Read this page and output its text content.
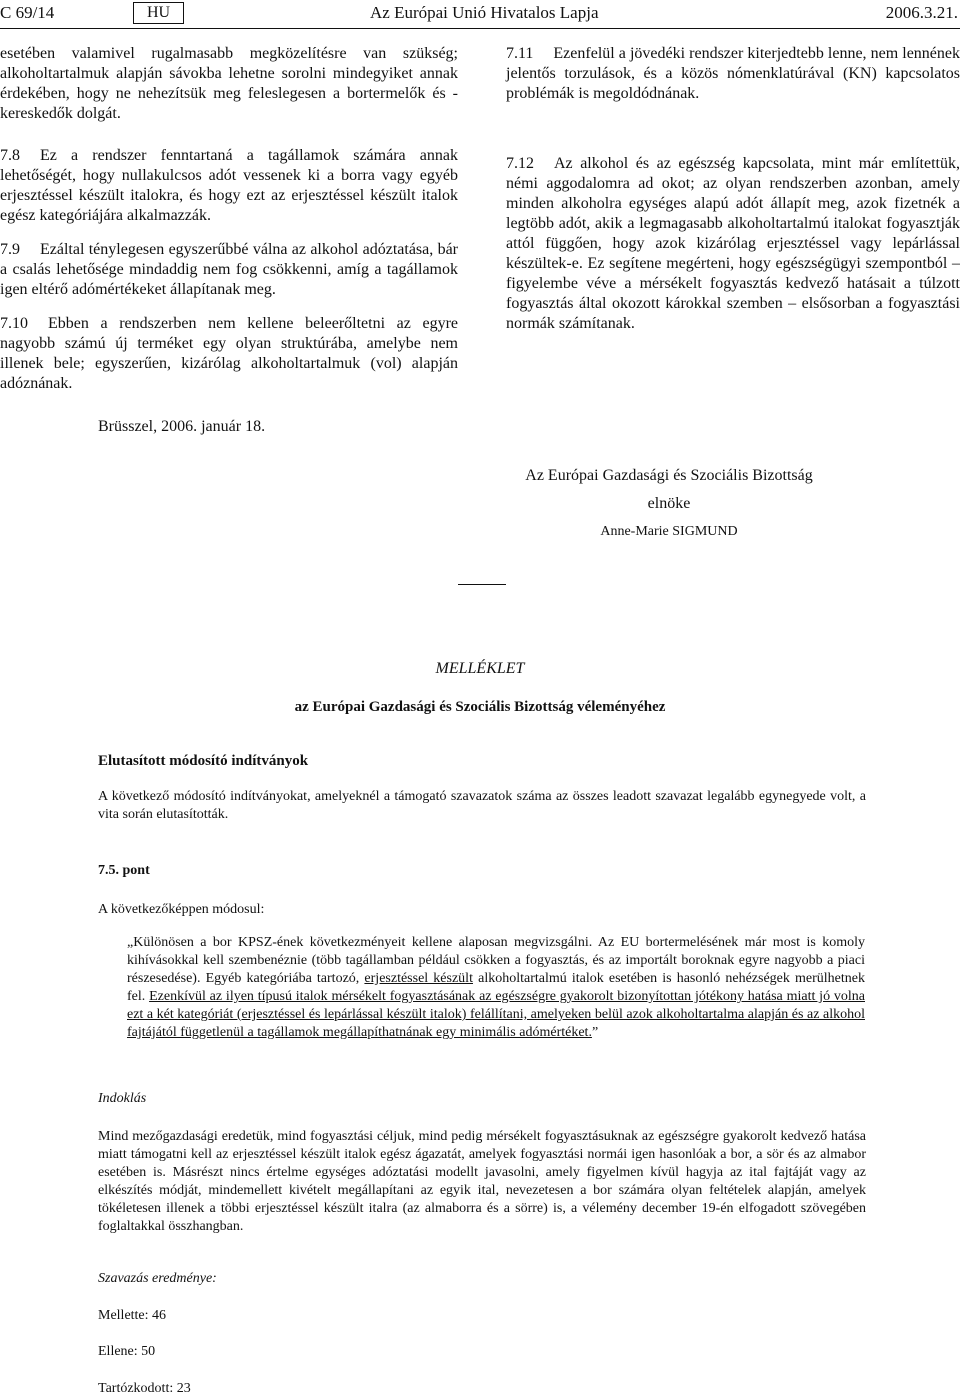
C 69/14	HU	Az Európai Unió Hivatalos Lapja	2006.3.21.

esetében valamivel rugalmasabb megközelítésre van szükség; alkoholtartalmuk alapján sávokba lehetne sorolni mindegyiket annak érdekében, hogy ne nehezítsük meg feleslegesen a bortermelők és -kereskedők dolgát.

7.8 Ez a rendszer fenntartaná a tagállamok számára annak lehetőségét, hogy nullakulcsos adót vessenek ki a borra vagy egyéb erjesztéssel készült italokra, és hogy ezt az erjesztéssel készült italok egész kategóriájára alkalmazzák.

7.9 Ezáltal ténylegesen egyszerűbbé válna az alkohol adóztatása, bár a csalás lehetősége mindaddig nem fog csökkenni, amíg a tagállamok igen eltérő adómértékeket állapítanak meg.

7.10 Ebben a rendszerben nem kellene beleerőltetni az egyre nagyobb számú új terméket egy olyan struktúrába, amelybe nem illenek bele; egyszerűen, kizárólag alkoholtartalmuk (vol) alapján adóznának.

7.11 Ezenfelül a jövedéki rendszer kiterjedtebb lenne, nem lennének jelentős torzulások, és a közös nómenklatúrával (KN) kapcsolatos problémák is megoldódnának.

7.12 Az alkohol és az egészség kapcsolata, mint már említettük, némi aggodalomra ad okot; az olyan rendszerben azonban, amely minden alkoholra egységes alapú adót állapít meg, azok fizetnék a legtöbb adót, akik a legmagasabb alkoholtartalmú italokat fogyasztják attól függően, hogy azok kizárólag erjesztéssel vagy lepárlással készültek-e. Ez segítene megérteni, hogy egészségügyi szempontból – figyelembe véve a mérsékelt fogyasztás kedvező hatásait a túlzott fogyasztás által okozott károkkal szemben – elsősorban a fogyasztási normák számítanak.

Brüsszel, 2006. január 18.
Az Európai Gazdasági és Szociális Bizottság
elnöke
Anne-Marie SIGMUND
MELLÉKLET
az Európai Gazdasági és Szociális Bizottság véleményéhez
Elutasított módosító indítványok
A következő módosító indítványokat, amelyeknél a támogató szavazatok száma az összes leadott szavazat legalább egynegyede volt, a vita során elutasították.
7.5. pont
A következőképpen módosul:
„Különösen a bor KPSZ-ének következményeit kellene alaposan megvizsgálni. Az EU bortermelésének már most is komoly kihívásokkal kell szembenéznie (több tagállamban például csökken a fogyasztás, és az importált boroknak egyre nagyobb a piaci részesedése). Egyéb kategóriába tartozó, erjesztéssel készült alkoholtartalmú italok esetében is hasonló nehézségek merülhetnek fel. Ezenkívül az ilyen típusú italok mérsékelt fogyasztásának az egészségre gyakorolt bizonyítottan jótékony hatása miatt jó volna ezt a két kategóriát (erjesztéssel és lepárlással készült italok) felállítani, amelyeken belül azok alkoholtartalma alapján és az alkohol fajtájától függetlenül a tagállamok megállapíthatnának egy minimális adómértéket.”
Indoklás
Mind mezőgazdasági eredetük, mind fogyasztási céljuk, mind pedig mérsékelt fogyasztásuknak az egészségre gyakorolt kedvező hatása miatt támogatni kell az erjesztéssel készült italok egész ágazatát, amelyek fogyasztási normái igen hasonlóak a bor, a sör és az almabor esetében is. Másrészt nincs értelme egységes adóztatási modellt javasolni, amely figyelmen kívül hagyja az ital fajtáját vagy az elkészítés módját, mindemellett kivételt megállapítani az egyik ital, nevezetesen a bor számára olyan feltételek alapján, amelyek tökéletesen illenek a többi erjesztéssel készült italra (az almaborra és a sörre) is, a vélemény december 19-én elfogadott szövegében foglaltakkal összhangban.
Szavazás eredménye:
Mellette: 46
Ellene: 50
Tartózkodott: 23
